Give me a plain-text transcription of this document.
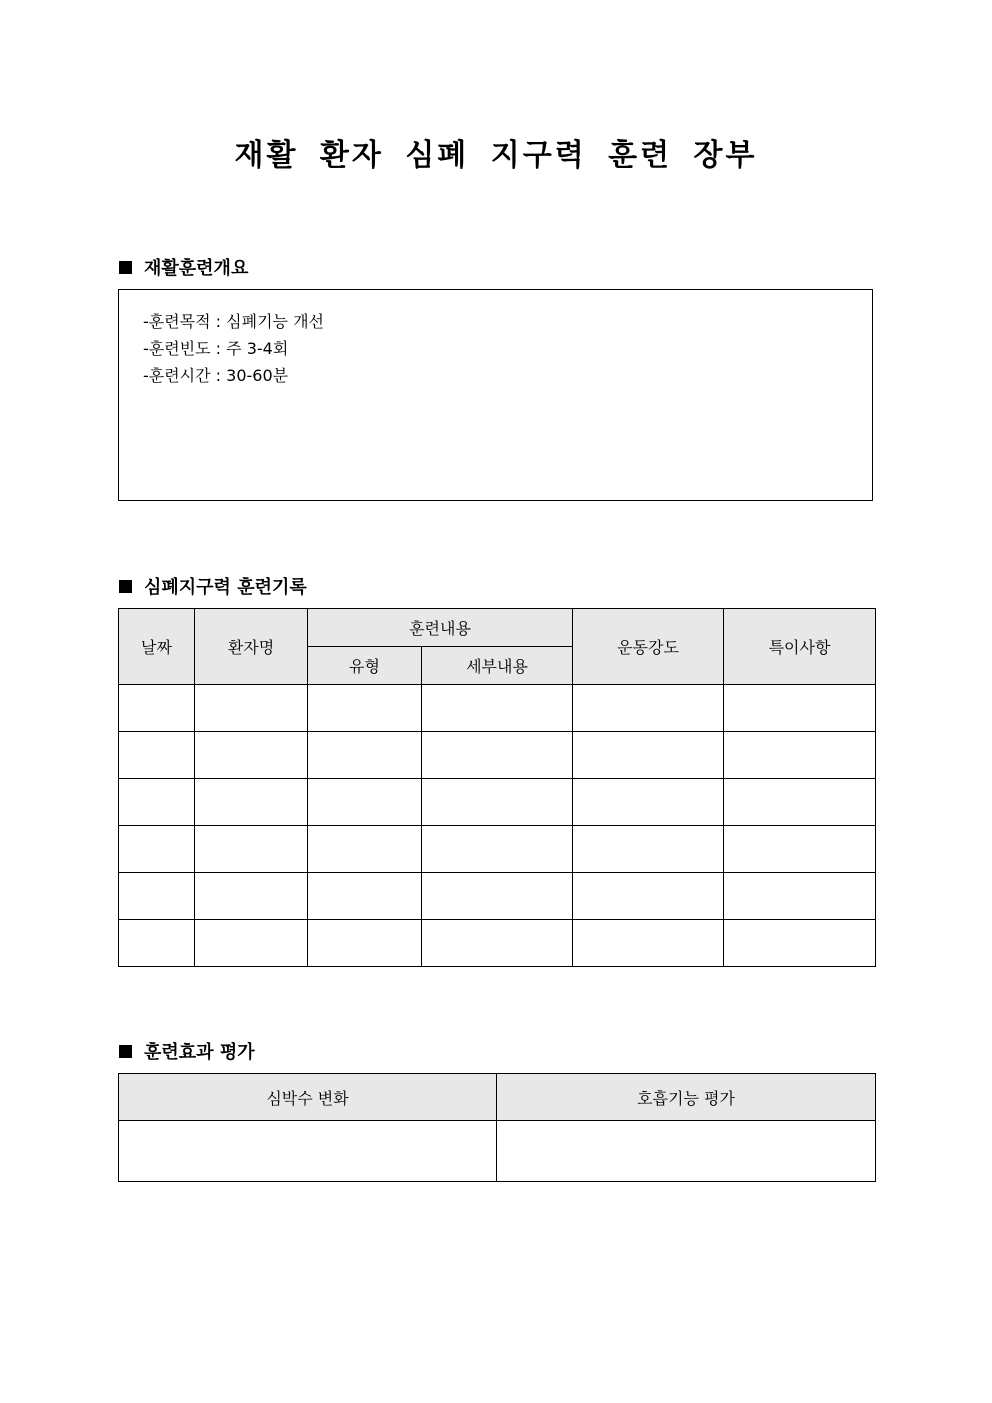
재활 환자 심폐 지구력 훈련 장부
재활훈련개요
-훈련목적 : 심폐기능 개선
-훈련빈도 : 주 3-4회
-훈련시간 : 30-60분
심폐지구력 훈련기록
날짜	환자명	훈련내용		운동강도	특이사항
		유형	세부내용		

훈련효과 평가
심박수 변화	호흡기능 평가
